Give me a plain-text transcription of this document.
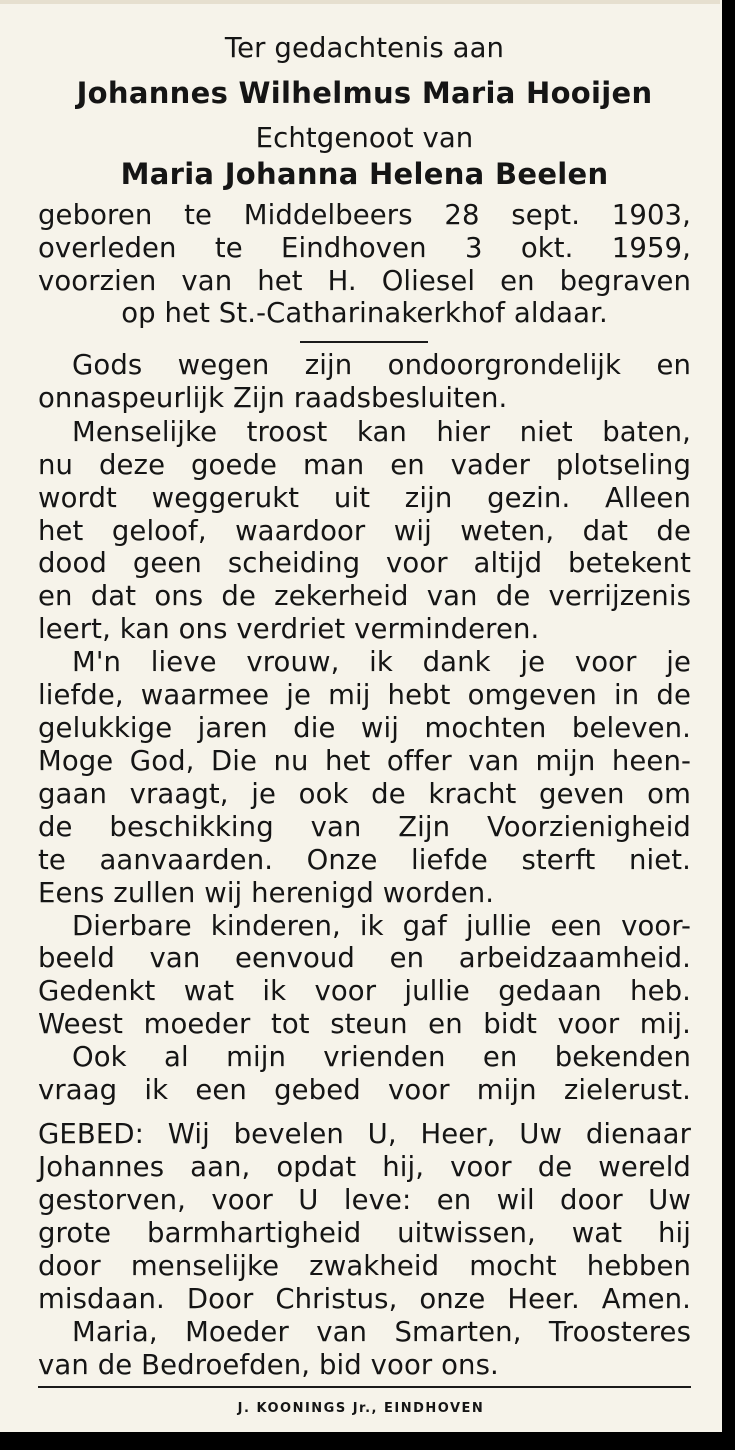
Ter gedachtenis aan
Johannes Wilhelmus Maria Hooijen
Echtgenoot van
Maria Johanna Helena Beelen
geboren te Middelbeers 28 sept. 1903,
overleden te Eindhoven 3 okt. 1959,
voorzien van het H. Oliesel en begraven
op het St.-Catharinakerkhof aldaar.
Gods wegen zijn ondoorgrondelijk en
onnaspeurlijk Zijn raadsbesluiten.
Menselijke troost kan hier niet baten,
nu deze goede man en vader plotseling
wordt weggerukt uit zijn gezin. Alleen
het geloof, waardoor wij weten, dat de
dood geen scheiding voor altijd betekent
en dat ons de zekerheid van de verrijzenis
leert, kan ons verdriet verminderen.
M'n lieve vrouw, ik dank je voor je
liefde, waarmee je mij hebt omgeven in de
gelukkige jaren die wij mochten beleven.
Moge God, Die nu het offer van mijn heen-
gaan vraagt, je ook de kracht geven om
de beschikking van Zijn Voorzienigheid
te aanvaarden. Onze liefde sterft niet.
Eens zullen wij herenigd worden.
Dierbare kinderen, ik gaf jullie een voor-
beeld van eenvoud en arbeidzaamheid.
Gedenkt wat ik voor jullie gedaan heb.
Weest moeder tot steun en bidt voor mij.
Ook al mijn vrienden en bekenden
vraag ik een gebed voor mijn zielerust.
GEBED: Wij bevelen U, Heer, Uw dienaar
Johannes aan, opdat hij, voor de wereld
gestorven, voor U leve: en wil door Uw
grote barmhartigheid uitwissen, wat hij
door menselijke zwakheid mocht hebben
misdaan. Door Christus, onze Heer. Amen.
Maria, Moeder van Smarten, Troosteres
van de Bedroefden, bid voor ons.
J. KOONINGS Jr., EINDHOVEN
